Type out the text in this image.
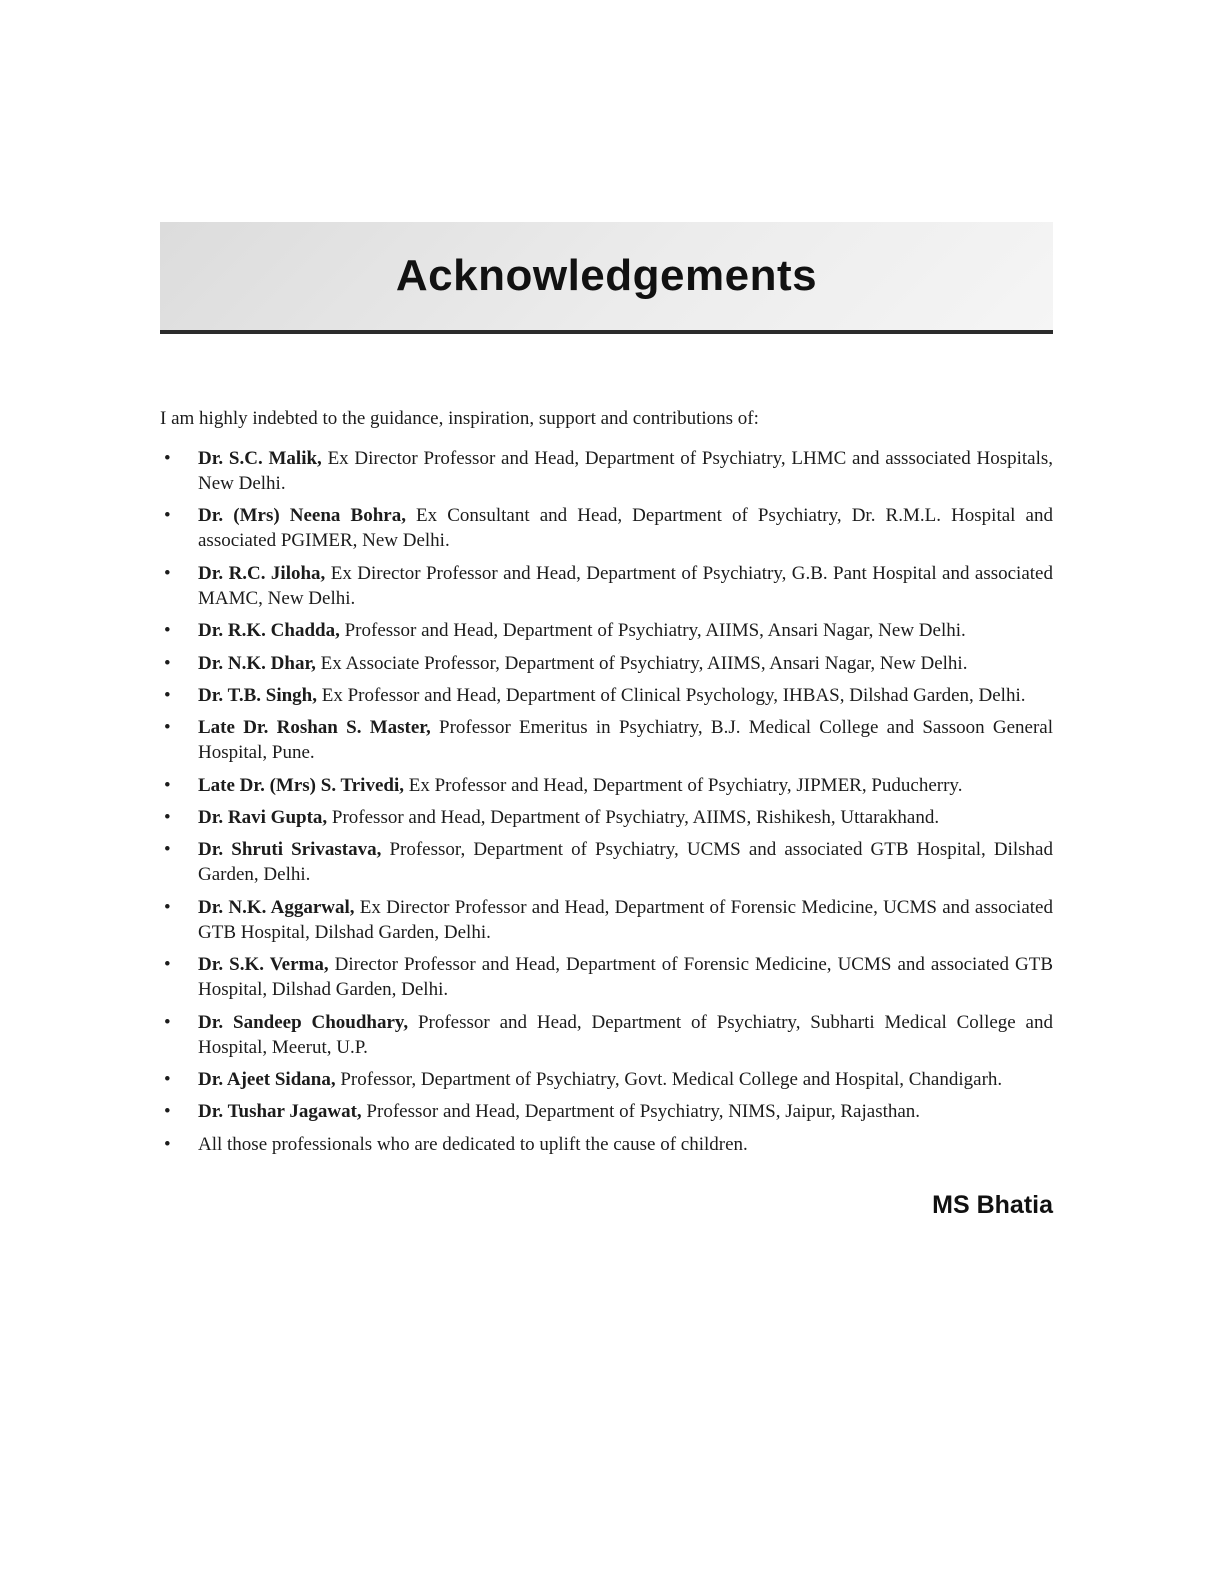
Acknowledgements

I am highly indebted to the guidance, inspiration, support and contributions of:

• Dr. S.C. Malik, Ex Director Professor and Head, Department of Psychiatry, LHMC and asssociated Hospitals, New Delhi.
• Dr. (Mrs) Neena Bohra, Ex Consultant and Head, Department of Psychiatry, Dr. R.M.L. Hospital and associated PGIMER, New Delhi.
• Dr. R.C. Jiloha, Ex Director Professor and Head, Department of Psychiatry, G.B. Pant Hospital and associated MAMC, New Delhi.
• Dr. R.K. Chadda, Professor and Head, Department of Psychiatry, AIIMS, Ansari Nagar, New Delhi.
• Dr. N.K. Dhar, Ex Associate Professor, Department of Psychiatry, AIIMS, Ansari Nagar, New Delhi.
• Dr. T.B. Singh, Ex Professor and Head, Department of Clinical Psychology, IHBAS, Dilshad Garden, Delhi.
• Late Dr. Roshan S. Master, Professor Emeritus in Psychiatry, B.J. Medical College and Sassoon General Hospital, Pune.
• Late Dr. (Mrs) S. Trivedi, Ex Professor and Head, Department of Psychiatry, JIPMER, Puducherry.
• Dr. Ravi Gupta, Professor and Head, Department of Psychiatry, AIIMS, Rishikesh, Uttarakhand.
• Dr. Shruti Srivastava, Professor, Department of Psychiatry, UCMS and associated GTB Hospital, Dilshad Garden, Delhi.
• Dr. N.K. Aggarwal, Ex Director Professor and Head, Department of Forensic Medicine, UCMS and associated GTB Hospital, Dilshad Garden, Delhi.
• Dr. S.K. Verma, Director Professor and Head, Department of Forensic Medicine, UCMS and associated GTB Hospital, Dilshad Garden, Delhi.
• Dr. Sandeep Choudhary, Professor and Head, Department of Psychiatry, Subharti Medical College and Hospital, Meerut, U.P.
• Dr. Ajeet Sidana, Professor, Department of Psychiatry, Govt. Medical College and Hospital, Chandigarh.
• Dr. Tushar Jagawat, Professor and Head, Department of Psychiatry, NIMS, Jaipur, Rajasthan.
• All those professionals who are dedicated to uplift the cause of children.
MS Bhatia
